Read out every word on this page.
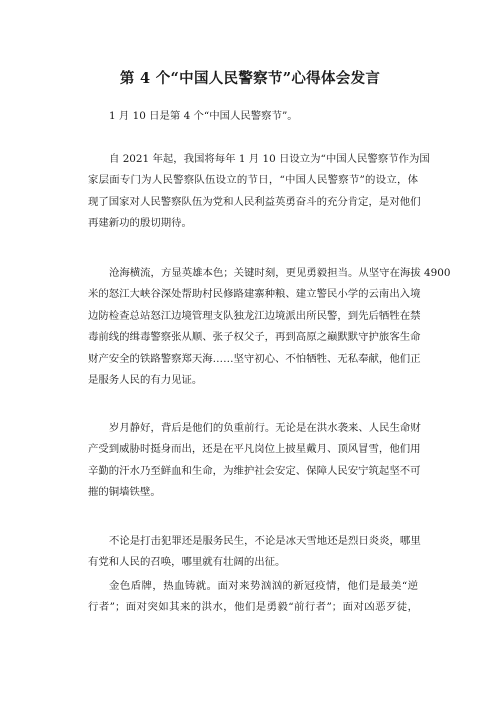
第 4 个“中国人民警察节”心得体会发言
1 月 10 日是第 4 个“中国人民警察节”。
自 2021 年起，我国将每年 1 月 10 日设立为“中国人民警察节作为国
家层面专门为人民警察队伍设立的节日，“中国人民警察节”的设立，体
现了国家对人民警察队伍为党和人民利益英勇奋斗的充分肯定，是对他们
再建新功的殷切期待。
沧海横流，方显英雄本色；关键时刻，更见勇毅担当。从坚守在海拔 4900
米的怒江大峡谷深处帮助村民修路建寨种粮、建立警民小学的云南出入境
边防检查总站怒江边境管理支队独龙江边境派出所民警，到先后牺牲在禁
毒前线的缉毒警察张从顺、张子权父子，再到高原之巅默默守护旅客生命
财产安全的铁路警察郑天海……坚守初心、不怕牺牲、无私奉献，他们正
是服务人民的有力见证。
岁月静好，背后是他们的负重前行。无论是在洪水袭来、人民生命财
产受到威胁时挺身而出，还是在平凡岗位上披星戴月、顶风冒雪，他们用
辛勤的汗水乃至鲜血和生命，为维护社会安定、保障人民安宁筑起坚不可
摧的铜墙铁壁。
不论是打击犯罪还是服务民生，不论是冰天雪地还是烈日炎炎，哪里
有党和人民的召唤，哪里就有壮阔的出征。
金色盾牌，热血铸就。面对来势汹汹的新冠疫情，他们是最美“逆
行者”；面对突如其来的洪水，他们是勇毅“前行者”；面对凶恶歹徒，
